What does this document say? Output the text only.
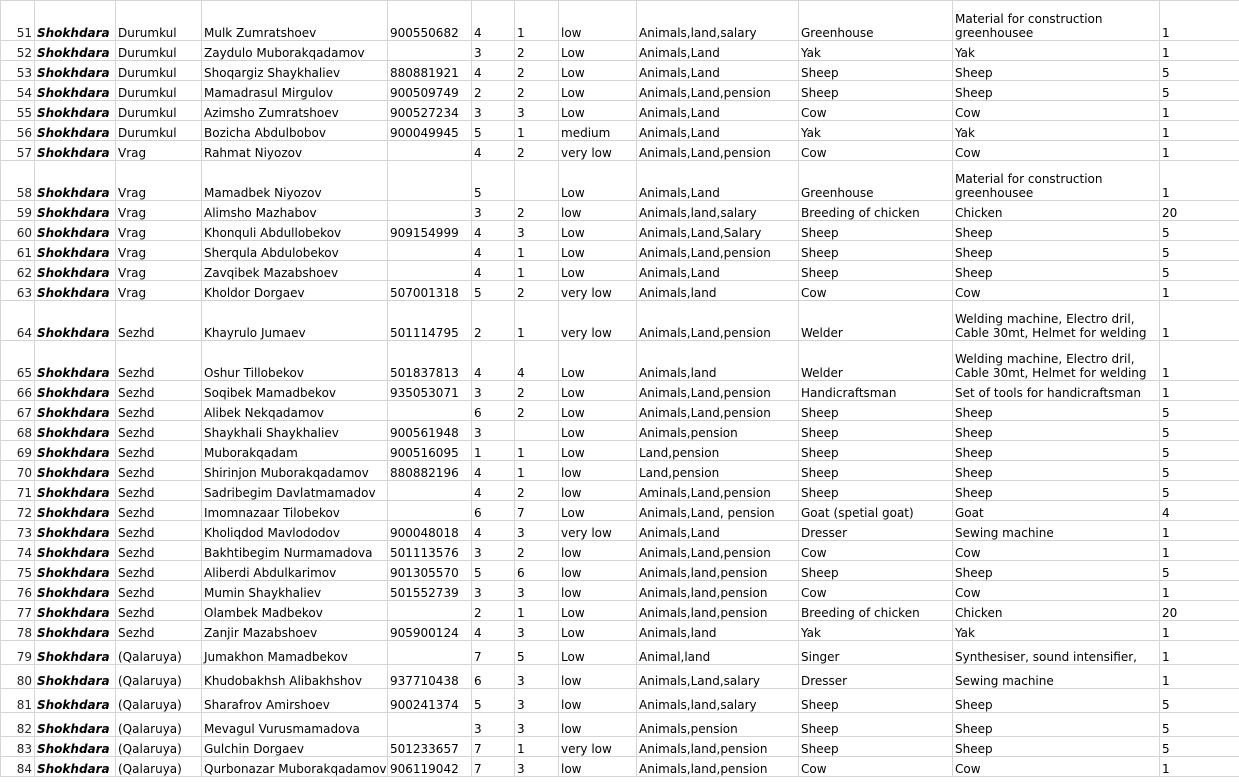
51	Shokhdara	Durumkul	Mulk Zumratshoev	900550682	4	1	low	Animals,land,salary	Greenhouse	Material for construction greenhousee	1
52	Shokhdara	Durumkul	Zaydulo Muborakqadamov		3	2	Low	Animals,Land	Yak	Yak	1
53	Shokhdara	Durumkul	Shoqargiz Shaykhaliev	880881921	4	2	Low	Animals,Land	Sheep	Sheep	5
54	Shokhdara	Durumkul	Mamadrasul Mirgulov	900509749	2	2	Low	Animals,Land,pension	Sheep	Sheep	5
55	Shokhdara	Durumkul	Azimsho Zumratshoev	900527234	3	3	Low	Animals,Land	Cow	Cow	1
56	Shokhdara	Durumkul	Bozicha Abdulbobov	900049945	5	1	medium	Animals,Land	Yak	Yak	1
57	Shokhdara	Vrag	Rahmat Niyozov		4	2	very low	Animals,Land,pension	Cow	Cow	1
58	Shokhdara	Vrag	Mamadbek Niyozov		5		Low	Animals,Land	Greenhouse	Material for construction greenhousee	1
59	Shokhdara	Vrag	Alimsho Mazhabov		3	2	low	Animals,land,salary	Breeding of chicken	Chicken	20
60	Shokhdara	Vrag	Khonquli Abdullobekov	909154999	4	3	Low	Animals,Land,Salary	Sheep	Sheep	5
61	Shokhdara	Vrag	Sherqula Abdulobekov		4	1	Low	Animals,Land,pension	Sheep	Sheep	5
62	Shokhdara	Vrag	Zavqibek Mazabshoev		4	1	Low	Animals,Land	Sheep	Sheep	5
63	Shokhdara	Vrag	Kholdor Dorgaev	507001318	5	2	very low	Animals,land	Cow	Cow	1
64	Shokhdara	Sezhd	Khayrulo Jumaev	501114795	2	1	very low	Animals,Land,pension	Welder	Welding machine, Electro dril, Cable 30mt, Helmet for welding	1
65	Shokhdara	Sezhd	Oshur Tillobekov	501837813	4	4	Low	Animals,land	Welder	Welding machine, Electro dril, Cable 30mt, Helmet for welding	1
66	Shokhdara	Sezhd	Soqibek Mamadbekov	935053071	3	2	Low	Animals,Land,pension	Handicraftsman	Set of tools for handicraftsman	1
67	Shokhdara	Sezhd	Alibek Nekqadamov		6	2	Low	Animals,Land,pension	Sheep	Sheep	5
68	Shokhdara	Sezhd	Shaykhali Shaykhaliev	900561948	3		Low	Animals,pension	Sheep	Sheep	5
69	Shokhdara	Sezhd	Muborakqadam	900516095	1	1	Low	Land,pension	Sheep	Sheep	5
70	Shokhdara	Sezhd	Shirinjon Muborakqadamov	880882196	4	1	low	Land,pension	Sheep	Sheep	5
71	Shokhdara	Sezhd	Sadribegim Davlatmamadov		4	2	low	Aminals,Land,pension	Sheep	Sheep	5
72	Shokhdara	Sezhd	Imomnazaar Tilobekov		6	7	Low	Animals,Land, pension	Goat (spetial goat)	Goat	4
73	Shokhdara	Sezhd	Kholiqdod Mavlododov	900048018	4	3	very low	Animals,Land	Dresser	Sewing machine	1
74	Shokhdara	Sezhd	Bakhtibegim Nurmamadova	501113576	3	2	low	Animals,Land,pension	Cow	Cow	1
75	Shokhdara	Sezhd	Aliberdi Abdulkarimov	901305570	5	6	low	Animals,land,pension	Sheep	Sheep	5
76	Shokhdara	Sezhd	Mumin Shaykhaliev	501552739	3	3	low	Animals,land,pension	Cow	Cow	1
77	Shokhdara	Sezhd	Olambek Madbekov		2	1	Low	Animals,land,pension	Breeding of chicken	Chicken	20
78	Shokhdara	Sezhd	Zanjir Mazabshoev	905900124	4	3	Low	Animals,land	Yak	Yak	1
79	Shokhdara	(Qalaruya)	Jumakhon Mamadbekov		7	5	Low	Animal,land	Singer	Synthesiser, sound intensifier,	1
80	Shokhdara	(Qalaruya)	Khudobakhsh Alibakhshov	937710438	6	3	low	Animals,Land,salary	Dresser	Sewing machine	1
81	Shokhdara	(Qalaruya)	Sharafrov Amirshoev	900241374	5	3	low	Animals,land,salary	Sheep	Sheep	5
82	Shokhdara	(Qalaruya)	Mevagul Vurusmamadova		3	3	low	Animals,pension	Sheep	Sheep	5
83	Shokhdara	(Qalaruya)	Gulchin Dorgaev	501233657	7	1	very low	Animals,land,pension	Sheep	Sheep	5
84	Shokhdara	(Qalaruya)	Qurbonazar Muborakqadamov	906119042	7	3	low	Animals,land,pension	Cow	Cow	1
